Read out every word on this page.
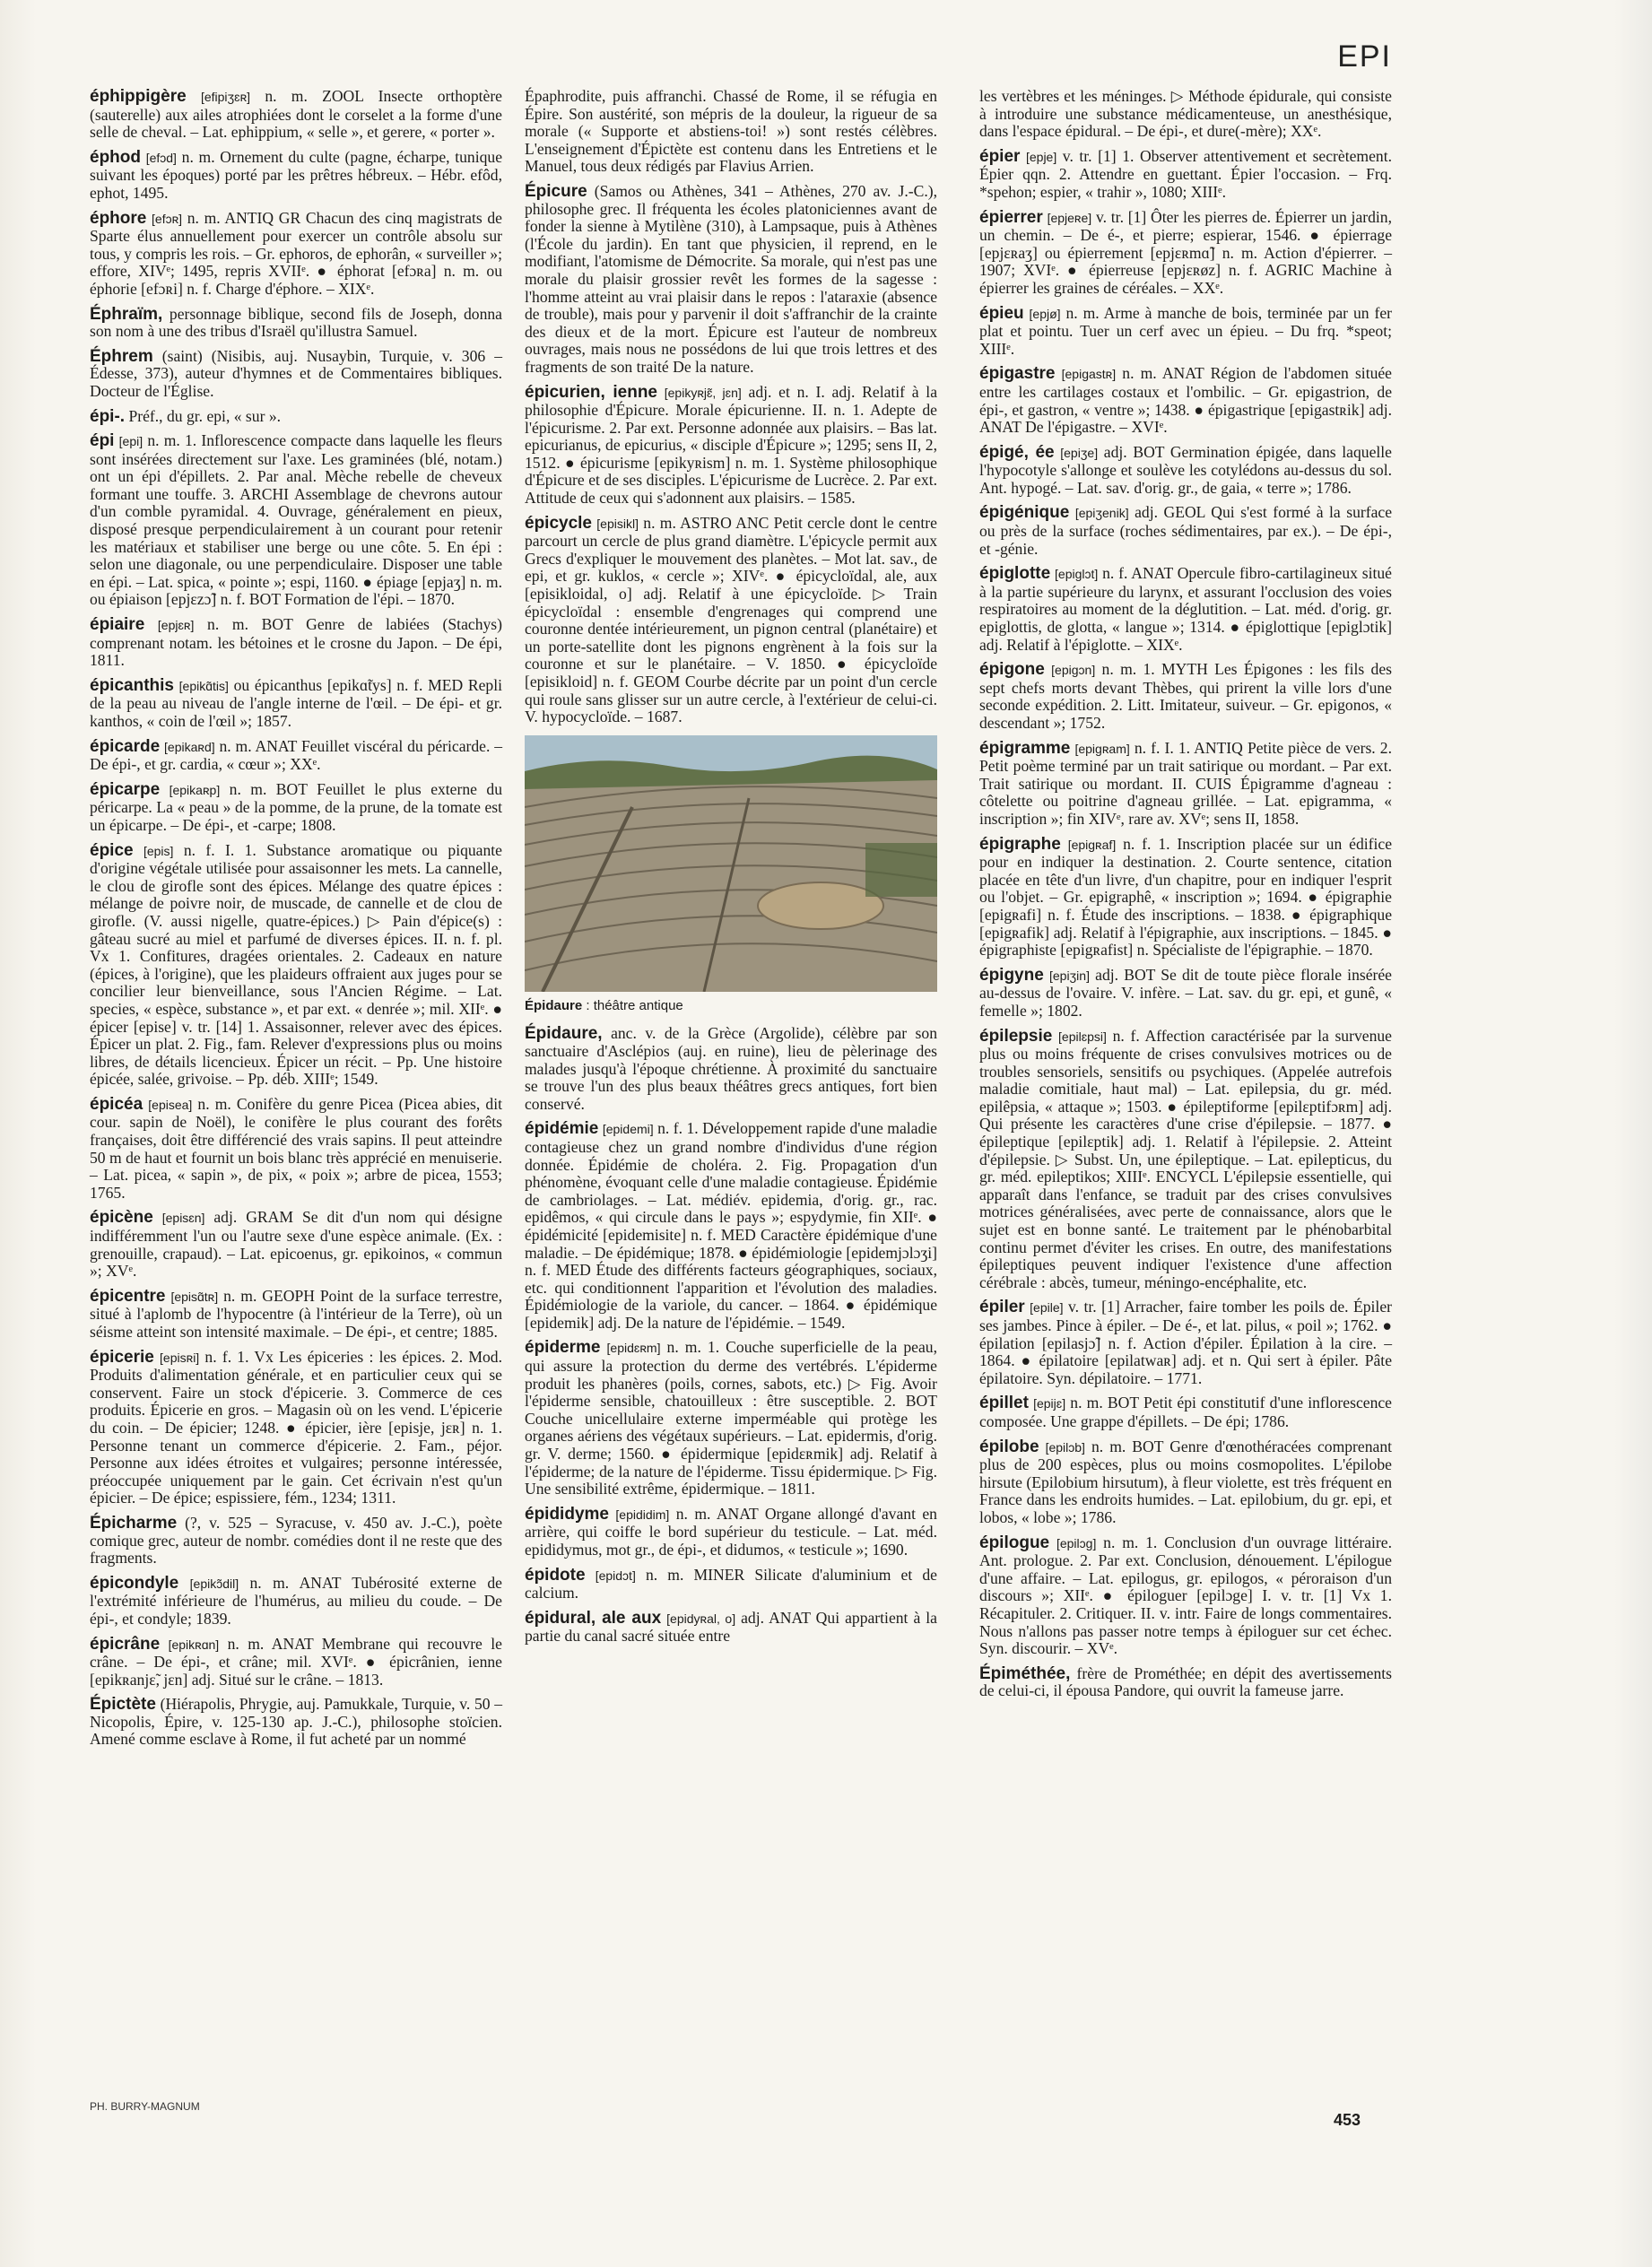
EPI
éphippigère [efipiʒɛʀ] n. m. ZOOL Insecte orthoptère (sauterelle) aux ailes atrophiées dont le corselet a la forme d'une selle de cheval. – Lat. ephippium, « selle », et gerere, « porter ».
éphod [efɔd] n. m. Ornement du culte (pagne, écharpe, tunique suivant les époques) porté par les prêtres hébreux. – Hébr. efôd, ephot, 1495.
éphore [efɔʀ] n. m. ANTIQ GR Chacun des cinq magistrats de Sparte élus annuellement pour exercer un contrôle absolu sur tous, y compris les rois. – Gr. ephoros, de ephorân, « surveiller »; effore, XIVᵉ; 1495, repris XVIIᵉ. ● éphorat [efɔʀa] n. m. ou éphorie [efɔʀi] n. f. Charge d'éphore. – XIXᵉ.
Éphraïm, personnage biblique, second fils de Joseph, donna son nom à une des tribus d'Israël qu'illustra Samuel.
Éphrem (saint) (Nisibis, auj. Nusaybin, Turquie, v. 306 – Édesse, 373), auteur d'hymnes et de Commentaires bibliques. Docteur de l'Église.
épi-. Préf., du gr. epi, « sur ».
épi [epi] n. m. 1. Inflorescence compacte dans laquelle les fleurs sont insérées directement sur l'axe. Les graminées (blé, notam.) ont un épi d'épillets. 2. Par anal. Mèche rebelle de cheveux formant une touffe. 3. ARCHI Assemblage de chevrons autour d'un comble pyramidal. 4. Ouvrage, généralement en pieux, disposé presque perpendiculairement à un courant pour retenir les matériaux et stabiliser une berge ou une côte. 5. En épi : selon une diagonale, ou une perpendiculaire. Disposer une table en épi. – Lat. spica, « pointe »; espi, 1160. ● épiage [epjaʒ] n. m. ou épiaison [epjɛzɔ̃] n. f. BOT Formation de l'épi. – 1870.
épiaire [epjɛʀ] n. m. BOT Genre de labiées (Stachys) comprenant notam. les bétoines et le crosne du Japon. – De épi, 1811.
épicanthis [epikɑ̃tis] ou épicanthus [epikɑ̃tys] n. f. MED Repli de la peau au niveau de l'angle interne de l'œil. – De épi- et gr. kanthos, « coin de l'œil »; 1857.
épicarde [epikaʀd] n. m. ANAT Feuillet viscéral du péricarde. – De épi-, et gr. cardia, « cœur »; XXᵉ.
épicarpe [epikaʀp] n. m. BOT Feuillet le plus externe du péricarpe. La « peau » de la pomme, de la prune, de la tomate est un épicarpe. – De épi-, et -carpe; 1808.
épice [epis] n. f. I. 1. Substance aromatique ou piquante d'origine végétale utilisée pour assaisonner les mets. La cannelle, le clou de girofle sont des épices. Mélange des quatre épices : mélange de poivre noir, de muscade, de cannelle et de clou de girofle. (V. aussi nigelle, quatre-épices.) ▷ Pain d'épice(s) : gâteau sucré au miel et parfumé de diverses épices. II. n. f. pl. Vx 1. Confitures, dragées orientales. 2. Cadeaux en nature (épices, à l'origine), que les plaideurs offraient aux juges pour se concilier leur bienveillance, sous l'Ancien Régime. – Lat. species, « espèce, substance », et par ext. « denrée »; mil. XIIᵉ. ● épicer [epise] v. tr. [14] 1. Assaisonner, relever avec des épices. Épicer un plat. 2. Fig., fam. Relever d'expressions plus ou moins libres, de détails licencieux. Épicer un récit. – Pp. Une histoire épicée, salée, grivoise. – Pp. déb. XIIIᵉ; 1549.
épicéa [episea] n. m. Conifère du genre Picea (Picea abies, dit cour. sapin de Noël), le conifère le plus courant des forêts françaises, doit être différencié des vrais sapins. Il peut atteindre 50 m de haut et fournit un bois blanc très apprécié en menuiserie. – Lat. picea, « sapin », de pix, « poix »; arbre de picea, 1553; 1765.
épicène [episɛn] adj. GRAM Se dit d'un nom qui désigne indifféremment l'un ou l'autre sexe d'une espèce animale. (Ex. : grenouille, crapaud). – Lat. epicoenus, gr. epikoinos, « commun »; XVᵉ.
épicentre [episɑ̃tʀ] n. m. GEOPH Point de la surface terrestre, situé à l'aplomb de l'hypocentre (à l'intérieur de la Terre), où un séisme atteint son intensité maximale. – De épi-, et centre; 1885.
épicerie [episʀi] n. f. 1. Vx Les épiceries : les épices. 2. Mod. Produits d'alimentation générale, et en particulier ceux qui se conservent. Faire un stock d'épicerie. 3. Commerce de ces produits. Épicerie en gros. – Magasin où on les vend. L'épicerie du coin. – De épicier; 1248. ● épicier, ière [episje, jɛʀ] n. 1. Personne tenant un commerce d'épicerie. 2. Fam., péjor. Personne aux idées étroites et vulgaires; personne intéressée, préoccupée uniquement par le gain. Cet écrivain n'est qu'un épicier. – De épice; espissiere, fém., 1234; 1311.
Épicharme (?, v. 525 – Syracuse, v. 450 av. J.-C.), poète comique grec, auteur de nombr. comédies dont il ne reste que des fragments.
épicondyle [epikɔ̃dil] n. m. ANAT Tubérosité externe de l'extrémité inférieure de l'humérus, au milieu du coude. – De épi-, et condyle; 1839.
épicrâne [epikʀɑn] n. m. ANAT Membrane qui recouvre le crâne. – De épi-, et crâne; mil. XVIᵉ. ● épicrânien, ienne [epikʀanjɛ̃, jɛn] adj. Situé sur le crâne. – 1813.
Épictète (Hiérapolis, Phrygie, auj. Pamukkale, Turquie, v. 50 – Nicopolis, Épire, v. 125-130 ap. J.-C.), philosophe stoïcien. Amené comme esclave à Rome, il fut acheté par un nommé
Épaphrodite, puis affranchi. Chassé de Rome, il se réfugia en Épire. Son austérité, son mépris de la douleur, la rigueur de sa morale (« Supporte et abstiens-toi! ») sont restés célèbres. L'enseignement d'Épictète est contenu dans les Entretiens et le Manuel, tous deux rédigés par Flavius Arrien.
Épicure (Samos ou Athènes, 341 – Athènes, 270 av. J.-C.), philosophe grec. Il fréquenta les écoles platoniciennes avant de fonder la sienne à Mytilène (310), à Lampsaque, puis à Athènes (l'École du jardin). En tant que physicien, il reprend, en le modifiant, l'atomisme de Démocrite. Sa morale, qui n'est pas une morale du plaisir grossier revêt les formes de la sagesse : l'homme atteint au vrai plaisir dans le repos : l'ataraxie (absence de trouble), mais pour y parvenir il doit s'affranchir de la crainte des dieux et de la mort. Épicure est l'auteur de nombreux ouvrages, mais nous ne possédons de lui que trois lettres et des fragments de son traité De la nature.
épicurien, ienne [epikyʀjɛ̃, jɛn] adj. et n. I. adj. Relatif à la philosophie d'Épicure. Morale épicurienne. II. n. 1. Adepte de l'épicurisme. 2. Par ext. Personne adonnée aux plaisirs. – Bas lat. epicurianus, de epicurius, « disciple d'Épicure »; 1295; sens II, 2, 1512. ● épicurisme [epikyʀism] n. m. 1. Système philosophique d'Épicure et de ses disciples. L'épicurisme de Lucrèce. 2. Par ext. Attitude de ceux qui s'adonnent aux plaisirs. – 1585.
épicycle [episikl] n. m. ASTRO ANC Petit cercle dont le centre parcourt un cercle de plus grand diamètre. L'épicycle permit aux Grecs d'expliquer le mouvement des planètes. – Mot lat. sav., de epi, et gr. kuklos, « cercle »; XIVᵉ. ● épicycloïdal, ale, aux [episikloidal, o] adj. Relatif à une épicycloïde. ▷ Train épicycloïdal : ensemble d'engrenages qui comprend une couronne dentée intérieurement, un pignon central (planétaire) et un porte-satellite dont les pignons engrènent à la fois sur la couronne et sur le planétaire. – V. 1850. ● épicycloïde [episikloid] n. f. GEOM Courbe décrite par un point d'un cercle qui roule sans glisser sur un autre cercle, à l'extérieur de celui-ci. V. hypocycloïde. – 1687.
Épidaure : théâtre antique
Épidaure, anc. v. de la Grèce (Argolide), célèbre par son sanctuaire d'Asclépios (auj. en ruine), lieu de pèlerinage des malades jusqu'à l'époque chrétienne. À proximité du sanctuaire se trouve l'un des plus beaux théâtres grecs antiques, fort bien conservé.
épidémie [epidemi] n. f. 1. Développement rapide d'une maladie contagieuse chez un grand nombre d'individus d'une région donnée. Épidémie de choléra. 2. Fig. Propagation d'un phénomène, évoquant celle d'une maladie contagieuse. Épidémie de cambriolages. – Lat. médiév. epidemia, d'orig. gr., rac. epidêmos, « qui circule dans le pays »; espydymie, fin XIIᵉ. ● épidémicité [epidemisite] n. f. MED Caractère épidémique d'une maladie. – De épidémique; 1878. ● épidémiologie [epidemjɔlɔʒi] n. f. MED Étude des différents facteurs géographiques, sociaux, etc. qui conditionnent l'apparition et l'évolution des maladies. Épidémiologie de la variole, du cancer. – 1864. ● épidémique [epidemik] adj. De la nature de l'épidémie. – 1549.
épiderme [epidɛʀm] n. m. 1. Couche superficielle de la peau, qui assure la protection du derme des vertébrés. L'épiderme produit les phanères (poils, cornes, sabots, etc.) ▷ Fig. Avoir l'épiderme sensible, chatouilleux : être susceptible. 2. BOT Couche unicellulaire externe imperméable qui protège les organes aériens des végétaux supérieurs. – Lat. epidermis, d'orig. gr. V. derme; 1560. ● épidermique [epidɛʀmik] adj. Relatif à l'épiderme; de la nature de l'épiderme. Tissu épidermique. ▷ Fig. Une sensibilité extrême, épidermique. – 1811.
épididyme [epididim] n. m. ANAT Organe allongé d'avant en arrière, qui coiffe le bord supérieur du testicule. – Lat. méd. epididymus, mot gr., de épi-, et didumos, « testicule »; 1690.
épidote [epidɔt] n. m. MINER Silicate d'aluminium et de calcium.
épidural, ale aux [epidyʀal, o] adj. ANAT Qui appartient à la partie du canal sacré située entre
les vertèbres et les méninges. ▷ Méthode épidurale, qui consiste à introduire une substance médicamenteuse, un anesthésique, dans l'espace épidural. – De épi-, et dure(-mère); XXᵉ.
épier [epje] v. tr. [1] 1. Observer attentivement et secrètement. Épier qqn. 2. Attendre en guettant. Épier l'occasion. – Frq. *spehon; espier, « trahir », 1080; XIIIᵉ.
épierrer [epjeʀe] v. tr. [1] Ôter les pierres de. Épierrer un jardin, un chemin. – De é-, et pierre; espierar, 1546. ● épierrage [epjɛʀaʒ] ou épierrement [epjɛʀmɑ̃] n. m. Action d'épierrer. – 1907; XVIᵉ. ● épierreuse [epjɛʀøz] n. f. AGRIC Machine à épierrer les graines de céréales. – XXᵉ.
épieu [epjø] n. m. Arme à manche de bois, terminée par un fer plat et pointu. Tuer un cerf avec un épieu. – Du frq. *speot; XIIIᵉ.
épigastre [epigastʀ] n. m. ANAT Région de l'abdomen située entre les cartilages costaux et l'ombilic. – Gr. epigastrion, de épi-, et gastron, « ventre »; 1438. ● épigastrique [epigastʀik] adj. ANAT De l'épigastre. – XVIᵉ.
épigé, ée [epiʒe] adj. BOT Germination épigée, dans laquelle l'hypocotyle s'allonge et soulève les cotylédons au-dessus du sol. Ant. hypogé. – Lat. sav. d'orig. gr., de gaia, « terre »; 1786.
épigénique [epiʒenik] adj. GEOL Qui s'est formé à la surface ou près de la surface (roches sédimentaires, par ex.). – De épi-, et -génie.
épiglotte [epiglɔt] n. f. ANAT Opercule fibro-cartilagineux situé à la partie supérieure du larynx, et assurant l'occlusion des voies respiratoires au moment de la déglutition. – Lat. méd. d'orig. gr. epiglottis, de glotta, « langue »; 1314. ● épiglottique [epiglɔtik] adj. Relatif à l'épiglotte. – XIXᵉ.
épigone [epigɔn] n. m. 1. MYTH Les Épigones : les fils des sept chefs morts devant Thèbes, qui prirent la ville lors d'une seconde expédition. 2. Litt. Imitateur, suiveur. – Gr. epigonos, « descendant »; 1752.
épigramme [epigʀam] n. f. I. 1. ANTIQ Petite pièce de vers. 2. Petit poème terminé par un trait satirique ou mordant. – Par ext. Trait satirique ou mordant. II. CUIS Épigramme d'agneau : côtelette ou poitrine d'agneau grillée. – Lat. epigramma, « inscription »; fin XIVᵉ, rare av. XVᵉ; sens II, 1858.
épigraphe [epigʀaf] n. f. 1. Inscription placée sur un édifice pour en indiquer la destination. 2. Courte sentence, citation placée en tête d'un livre, d'un chapitre, pour en indiquer l'esprit ou l'objet. – Gr. epigraphê, « inscription »; 1694. ● épigraphie [epigʀafi] n. f. Étude des inscriptions. – 1838. ● épigraphique [epigʀafik] adj. Relatif à l'épigraphie, aux inscriptions. – 1845. ● épigraphiste [epigʀafist] n. Spécialiste de l'épigraphie. – 1870.
épigyne [epiʒin] adj. BOT Se dit de toute pièce florale insérée au-dessus de l'ovaire. V. infère. – Lat. sav. du gr. epi, et gunê, « femelle »; 1802.
épilepsie [epilɛpsi] n. f. Affection caractérisée par la survenue plus ou moins fréquente de crises convulsives motrices ou de troubles sensoriels, sensitifs ou psychiques. (Appelée autrefois maladie comitiale, haut mal) – Lat. epilepsia, du gr. méd. epilêpsia, « attaque »; 1503. ● épileptiforme [epilɛptifɔʀm] adj. Qui présente les caractères d'une crise d'épilepsie. – 1877. ● épileptique [epilɛptik] adj. 1. Relatif à l'épilepsie. 2. Atteint d'épilepsie. ▷ Subst. Un, une épileptique. – Lat. epilepticus, du gr. méd. epileptikos; XIIIᵉ. ENCYCL L'épilepsie essentielle, qui apparaît dans l'enfance, se traduit par des crises convulsives motrices généralisées, avec perte de connaissance, alors que le sujet est en bonne santé. Le traitement par le phénobarbital continu permet d'éviter les crises. En outre, des manifestations épileptiques peuvent indiquer l'existence d'une affection cérébrale : abcès, tumeur, méningo-encéphalite, etc.
épiler [epile] v. tr. [1] Arracher, faire tomber les poils de. Épiler ses jambes. Pince à épiler. – De é-, et lat. pilus, « poil »; 1762. ● épilation [epilasjɔ̃] n. f. Action d'épiler. Épilation à la cire. – 1864. ● épilatoire [epilatwaʀ] adj. et n. Qui sert à épiler. Pâte épilatoire. Syn. dépilatoire. – 1771.
épillet [epijɛ] n. m. BOT Petit épi constitutif d'une inflorescence composée. Une grappe d'épillets. – De épi; 1786.
épilobe [epilɔb] n. m. BOT Genre d'œnothéracées comprenant plus de 200 espèces, plus ou moins cosmopolites. L'épilobe hirsute (Epilobium hirsutum), à fleur violette, est très fréquent en France dans les endroits humides. – Lat. epilobium, du gr. epi, et lobos, « lobe »; 1786.
épilogue [epilɔg] n. m. 1. Conclusion d'un ouvrage littéraire. Ant. prologue. 2. Par ext. Conclusion, dénouement. L'épilogue d'une affaire. – Lat. epilogus, gr. epilogos, « péroraison d'un discours »; XIIᵉ. ● épiloguer [epilɔge] I. v. tr. [1] Vx 1. Récapituler. 2. Critiquer. II. v. intr. Faire de longs commentaires. Nous n'allons pas passer notre temps à épiloguer sur cet échec. Syn. discourir. – XVᵉ.
Épiméthée, frère de Prométhée; en dépit des avertissements de celui-ci, il épousa Pandore, qui ouvrit la fameuse jarre.
PH. BURRY-MAGNUM
453
